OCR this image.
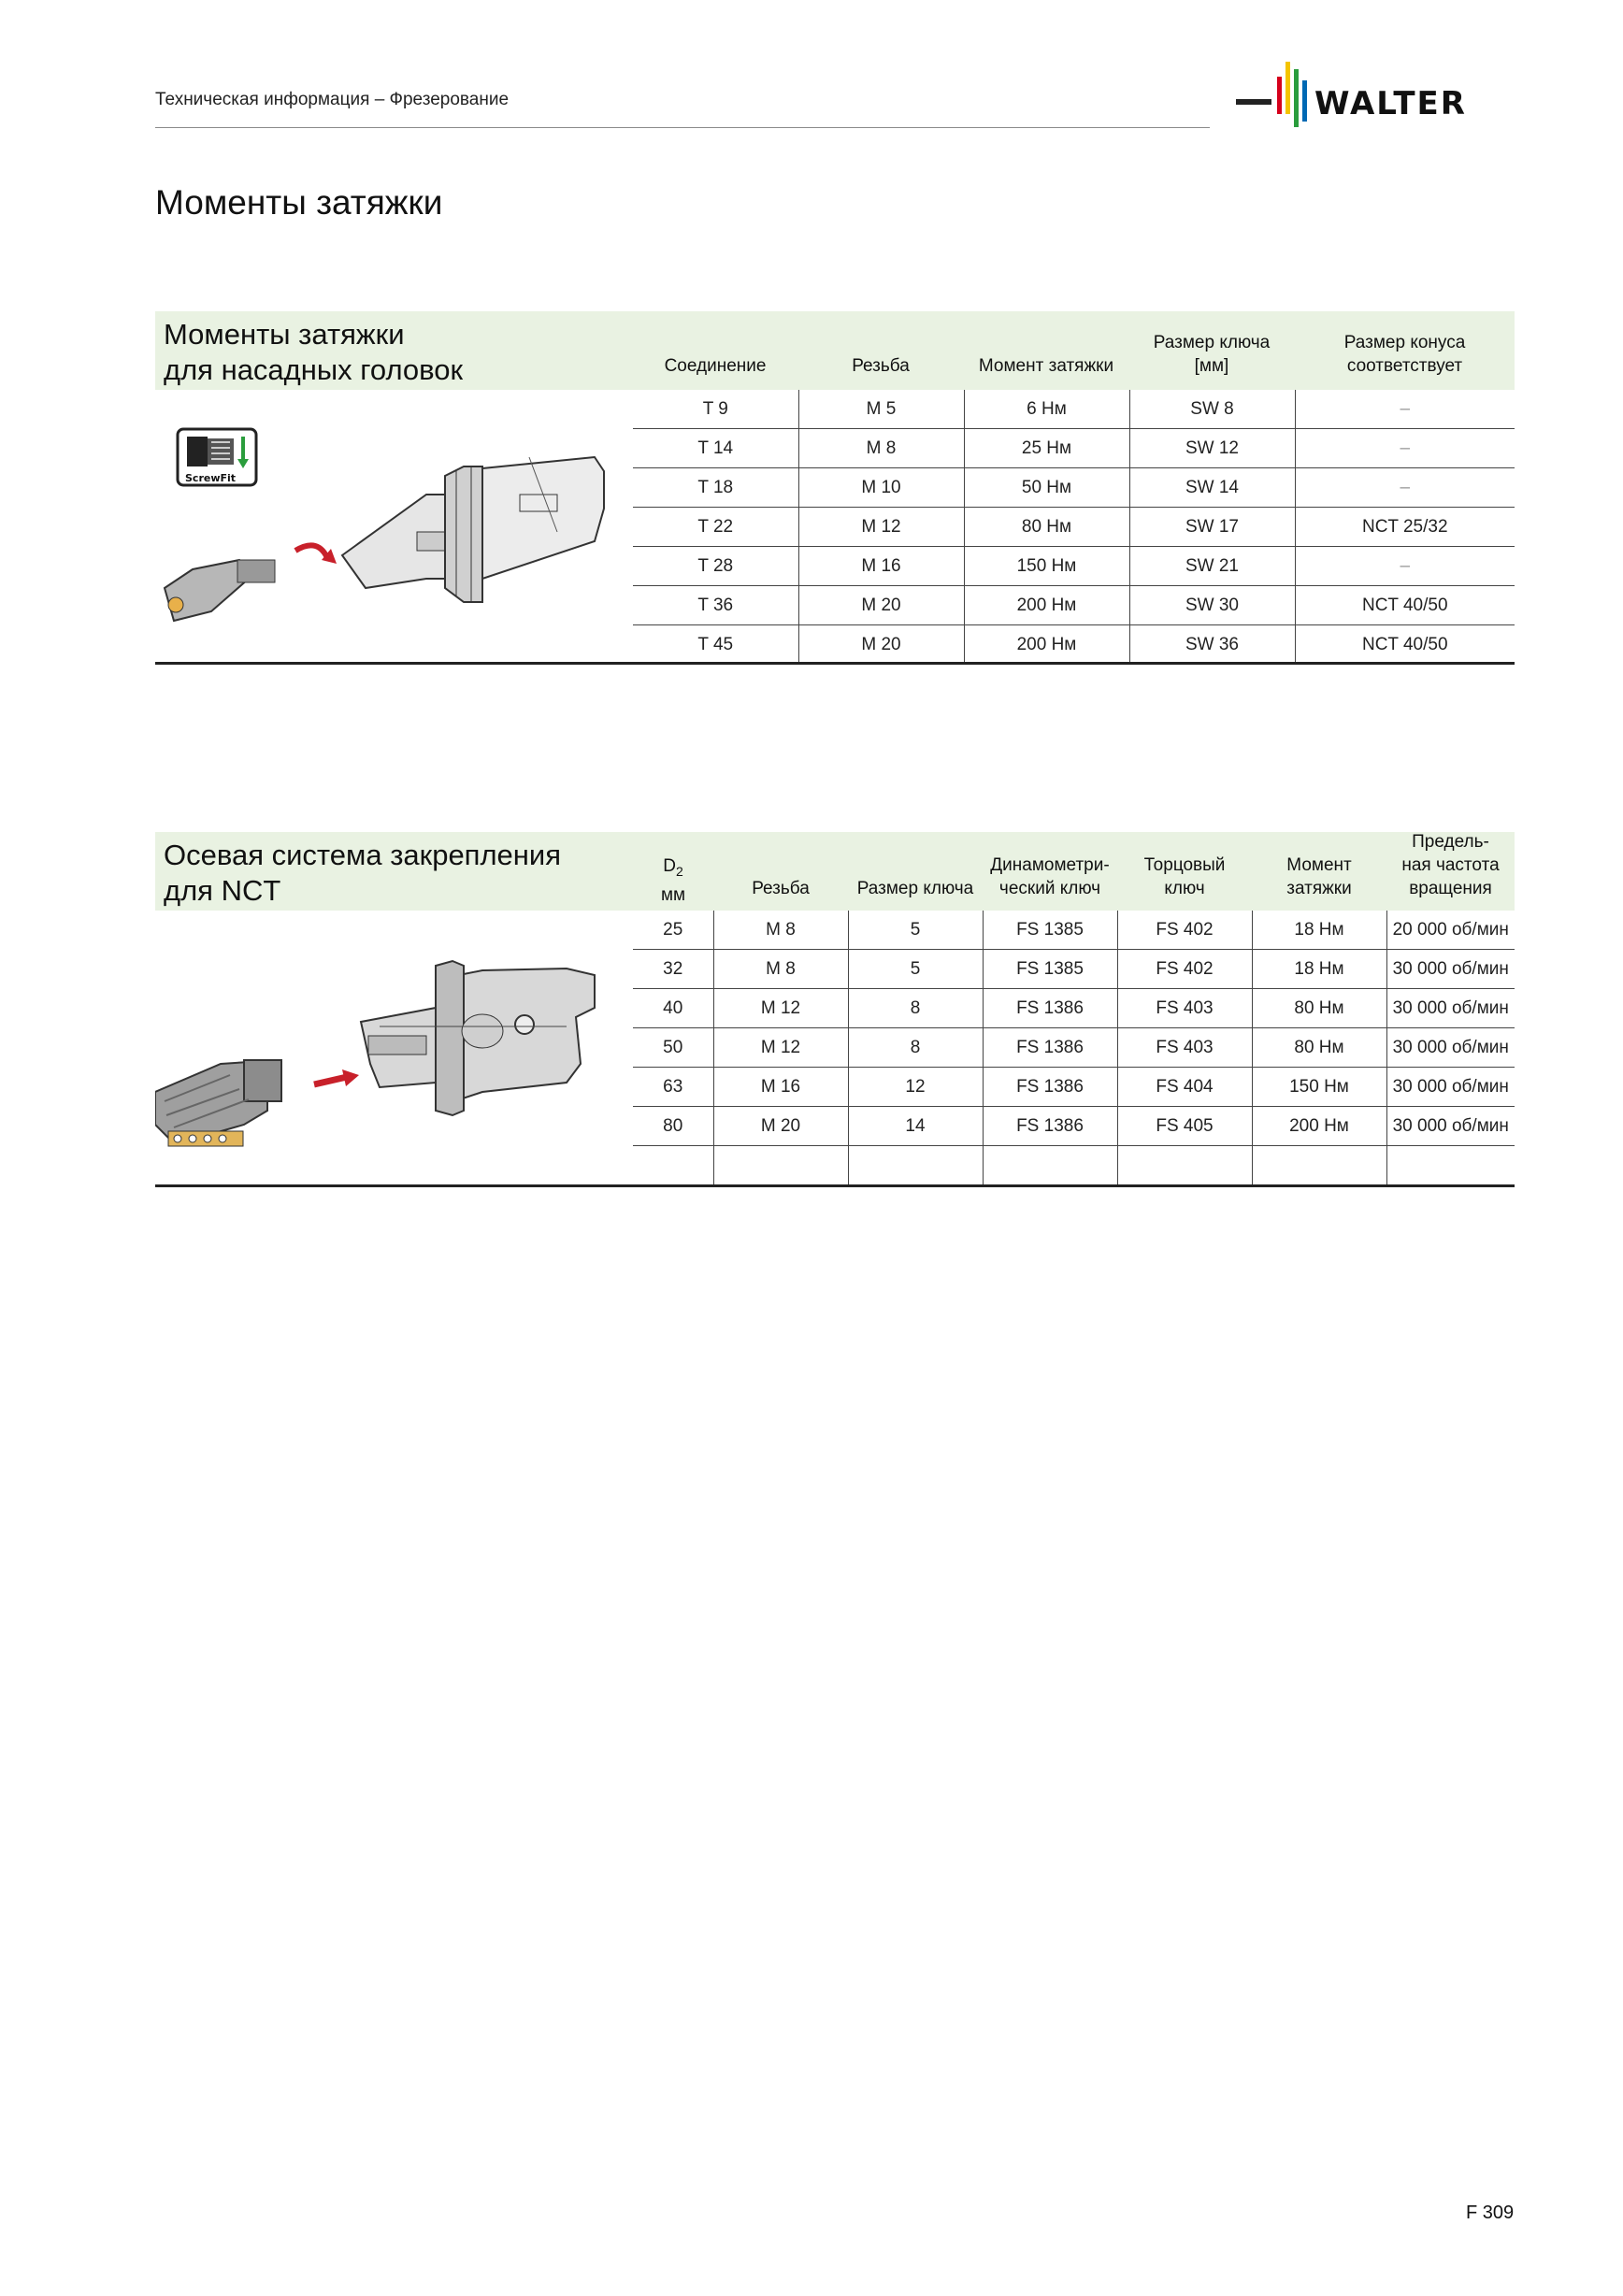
Техническая информация – Фрезерование	WALTER
Моменты затяжки
Моменты затяжки
для насадных головок	Соединение	Резьба	Момент затяжки
Размер ключа
[мм]
Размер конуса
соответствует
ScrewFit
T 9	M 5	6 Нм	SW 8	–
T 14	M 8	25 Нм	SW 12	–
T 18	M 10	50 Нм	SW 14	–
T 22	M 12	80 Нм	SW 17	NCT 25/32
T 28	M 16	150 Нм	SW 21	–
T 36	M 20	200 Нм	SW 30	NCT 40/50
T 45	M 20	200 Нм	SW 36	NCT 40/50
Осевая система закрепления
для NCT
$D_2$
мм	Резьба	Размер ключа
Динамометри-
ческий ключ
Торцовый
ключ
Момент
затяжки
Предель-
ная частота
вращения
25	M 8	5	FS 1385	FS 402	18 Нм	20 000 об/мин
32	M 8	5	FS 1385	FS 402	18 Нм	30 000 об/мин
40	M 12	8	FS 1386	FS 403	80 Нм	30 000 об/мин
50	M 12	8	FS 1386	FS 403	80 Нм	30 000 об/мин
63	M 16	12	FS 1386	FS 404	150 Нм	30 000 об/мин
80	M 20	14	FS 1386	FS 405	200 Нм	30 000 об/мин

F 309
